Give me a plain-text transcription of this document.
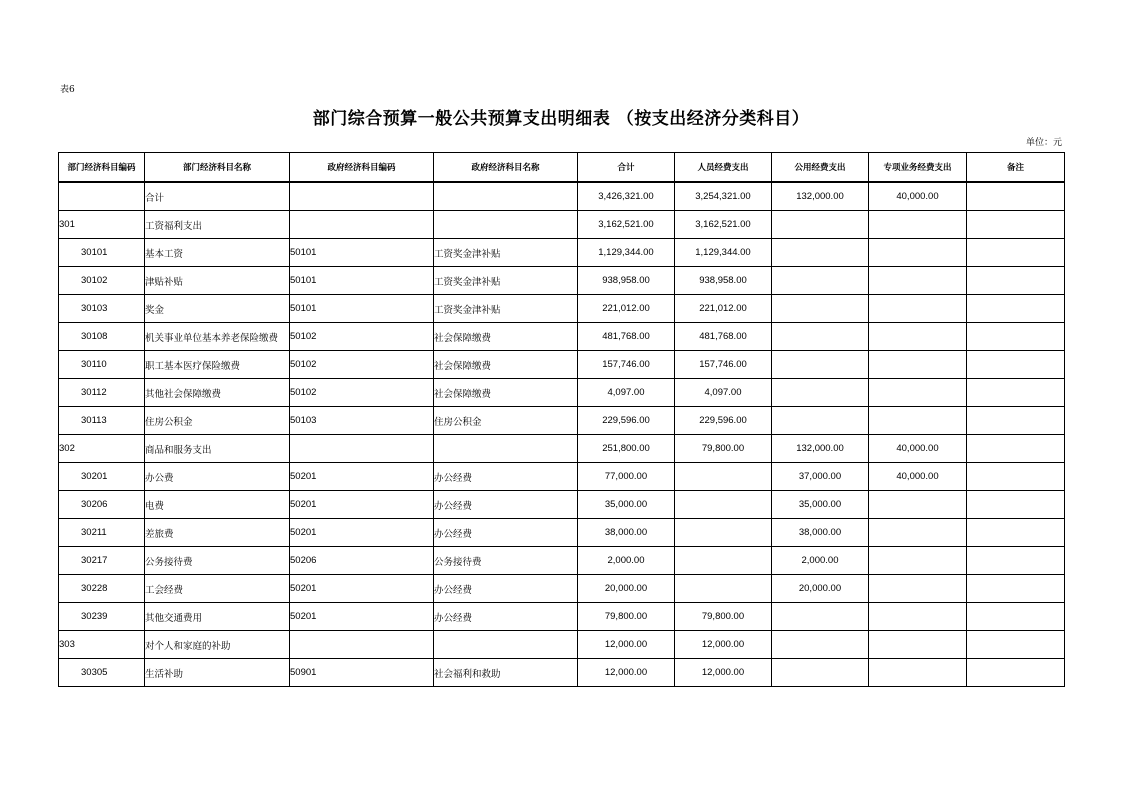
表6
部门综合预算一般公共预算支出明细表 （按支出经济分类科目）
单位：元
部门经济科目编码	部门经济科目名称	政府经济科目编码	政府经济科目名称	合计	人员经费支出	公用经费支出	专项业务经费支出	备注
	合计			3,426,321.00	3,254,321.00	132,000.00	40,000.00	
301	工资福利支出			3,162,521.00	3,162,521.00			
30101	基本工资	50101	工资奖金津补贴	1,129,344.00	1,129,344.00			
30102	津贴补贴	50101	工资奖金津补贴	938,958.00	938,958.00			
30103	奖金	50101	工资奖金津补贴	221,012.00	221,012.00			
30108	机关事业单位基本养老保险缴费	50102	社会保障缴费	481,768.00	481,768.00			
30110	职工基本医疗保险缴费	50102	社会保障缴费	157,746.00	157,746.00			
30112	其他社会保障缴费	50102	社会保障缴费	4,097.00	4,097.00			
30113	住房公积金	50103	住房公积金	229,596.00	229,596.00			
302	商品和服务支出			251,800.00	79,800.00	132,000.00	40,000.00	
30201	办公费	50201	办公经费	77,000.00		37,000.00	40,000.00	
30206	电费	50201	办公经费	35,000.00		35,000.00		
30211	差旅费	50201	办公经费	38,000.00		38,000.00		
30217	公务接待费	50206	公务接待费	2,000.00		2,000.00		
30228	工会经费	50201	办公经费	20,000.00		20,000.00		
30239	其他交通费用	50201	办公经费	79,800.00	79,800.00			
303	对个人和家庭的补助			12,000.00	12,000.00			
30305	生活补助	50901	社会福利和救助	12,000.00	12,000.00			
